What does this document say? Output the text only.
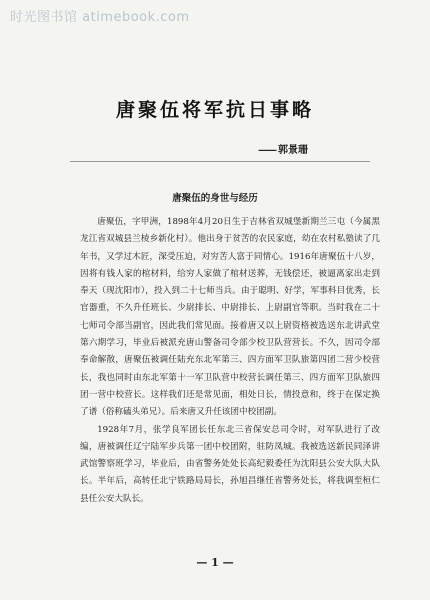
时光图书馆 atimebook.com
唐聚伍将军抗日事略
—— 郭景珊
唐聚伍的身世与经历

唐聚伍，字甲洲，1898年4月20日生于吉林省双城堡新期兰三屯（今属黑龙江省双城县兰棱乡新化村）。他出身于贫苦的农民家庭，幼在农村私塾读了几年书，又学过木匠，深受压迫，对穷苦人富于同情心。1916年唐聚伍十八岁，因将有钱人家的棺材料，给穷人家做了棺材送葬，无钱偿还，被逼离家出走到奉天（现沈阳市），投入到二十七师当兵。由于聪明、好学，军事科目优秀，长官器重，不久升任班长、少尉排长、中尉排长、上尉副官等职。当时我在二十七师司令部当副官，因此我们常见面。接着唐又以上尉资格被选送东北讲武堂第六期学习，毕业后被派充唐山警备司令部少校卫队营营长。不久，因司令部奉命解散，唐聚伍被调任陆充东北军第三、四方面军卫队旅第四团二营少校营长，我也同时由东北军第十一军卫队营中校营长调任第三、四方面军卫队旅四团一营中校营长。这样我们还是常见面，相处日长，情投意和，终于在保定换了谱（俗称磕头弟兄）。后来唐又升任该团中校团副。

1928年7月，张学良军团长任东北三省保安总司令时，对军队进行了改编，唐被调任辽宁陆军步兵第一团中校团附，驻防凤城。我被选送新民同泽讲武馆警察班学习，毕业后，由省警务处处长高纪毅委任为沈阳县公安大队大队长。半年后，高转任北宁铁路局局长，孙旭昌继任省警务处长，将我调至桓仁县任公安大队长。

— 1 —
